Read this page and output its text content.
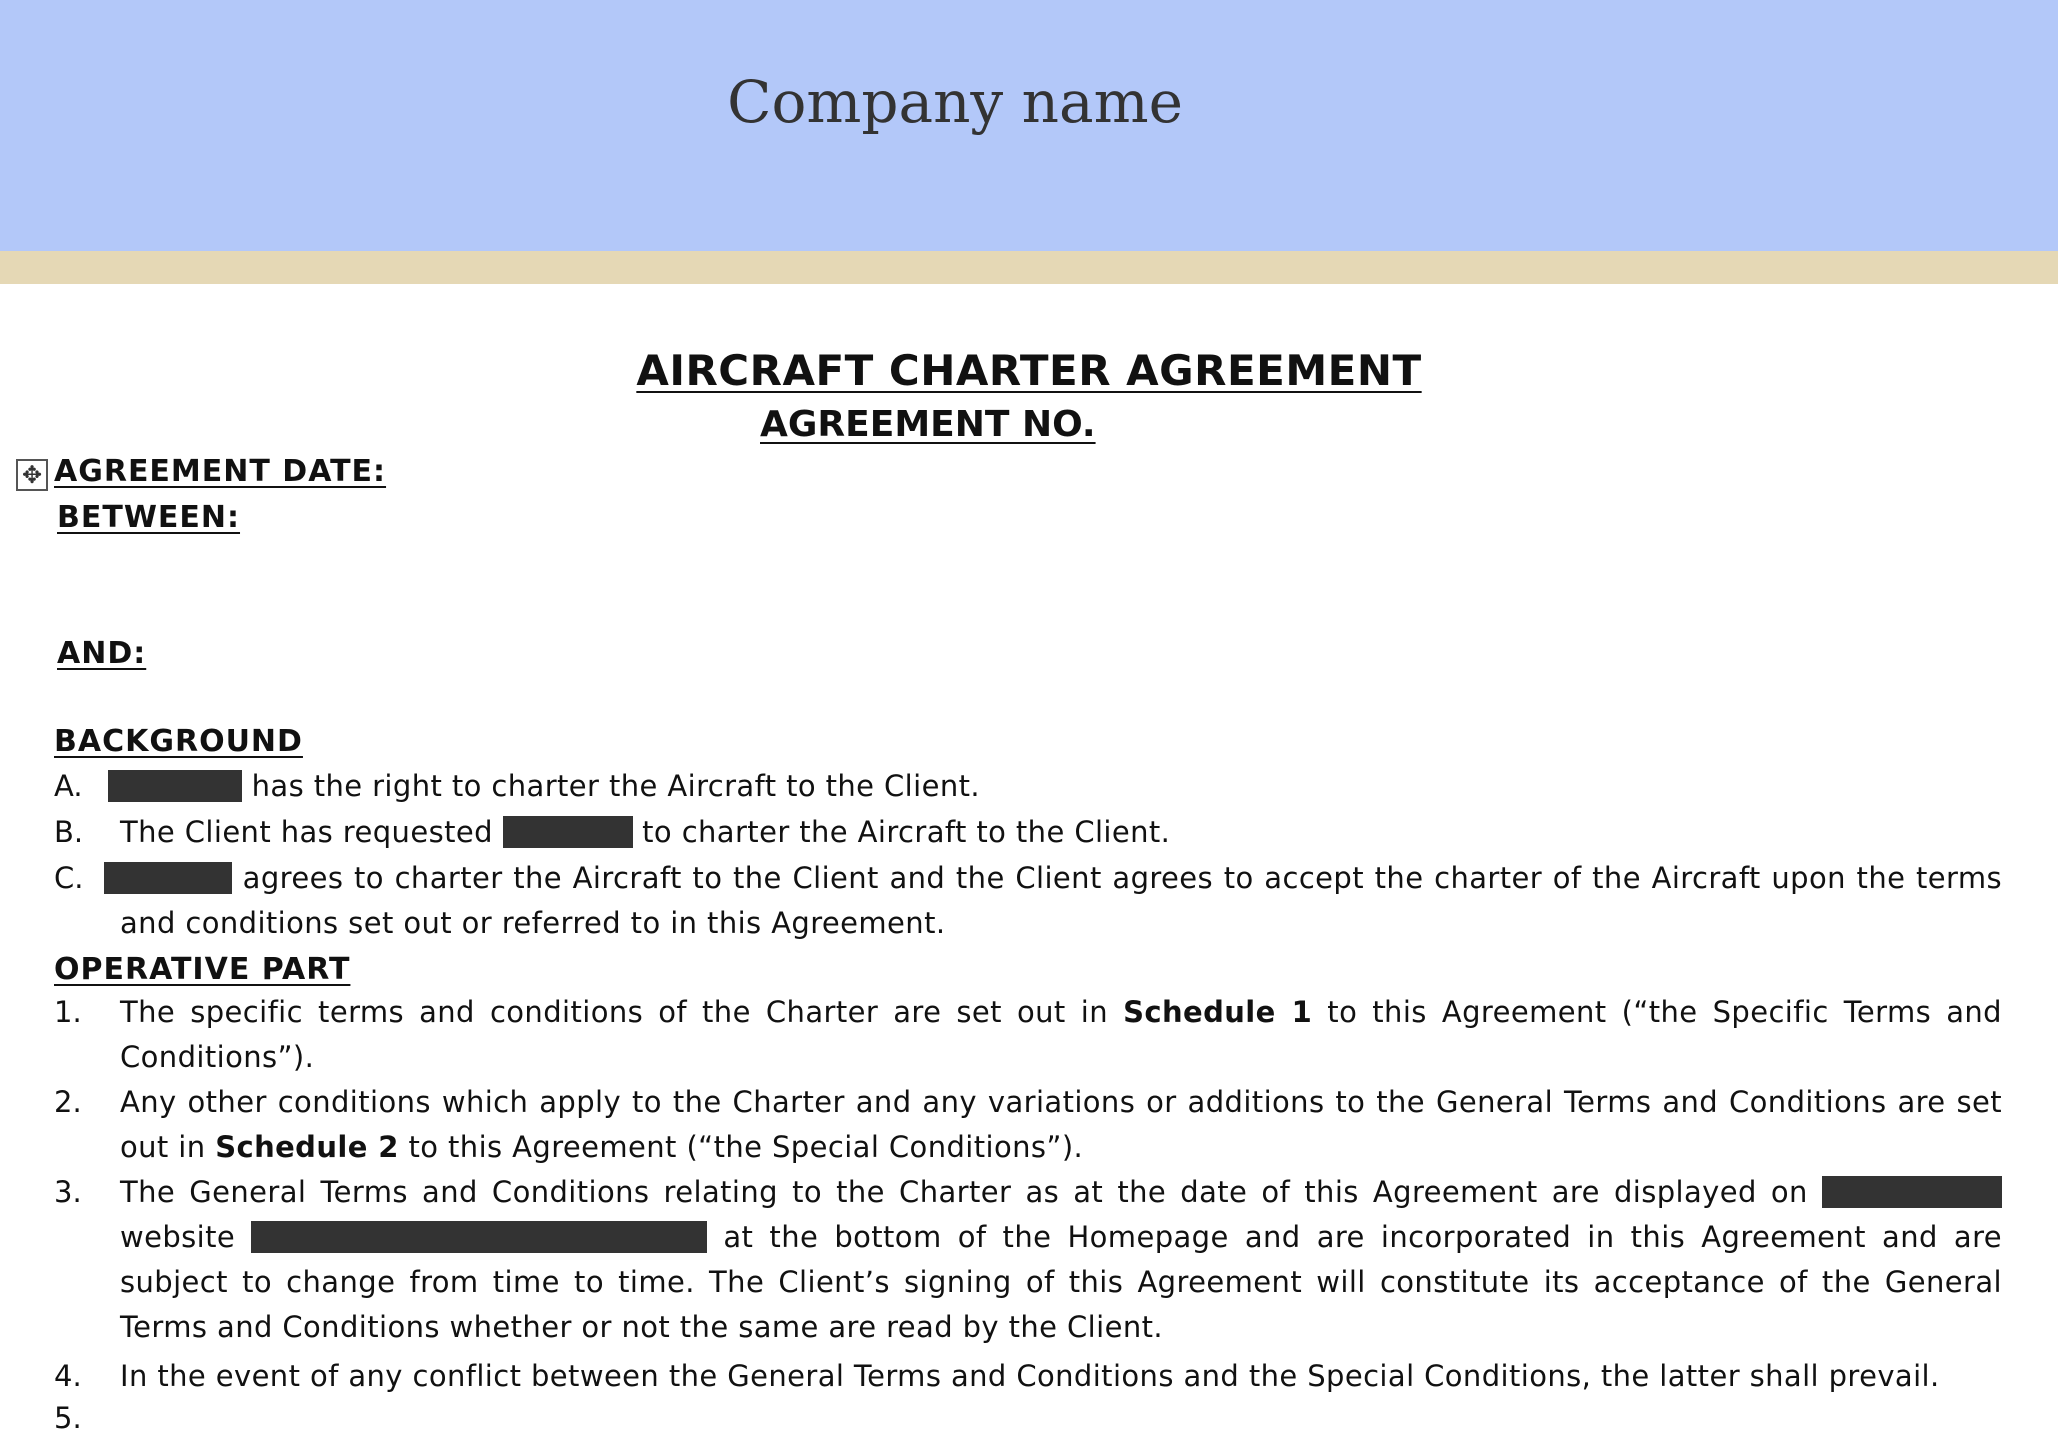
Company name
AIRCRAFT CHARTER AGREEMENT
AGREEMENT NO.
✥ AGREEMENT DATE:
BETWEEN:
AND:
BACKGROUND
A.	has the right to charter the Aircraft to the Client.
B. The Client has requested	to charter the Aircraft to the Client.
C.	agrees to charter the Aircraft to the Client and the Client agrees to accept the charter of the Aircraft upon the terms and conditions set out or referred to in this Agreement.
OPERATIVE PART
1. The specific terms and conditions of the Charter are set out in Schedule 1 to this Agreement (“the Specific Terms and Conditions”).
2. Any other conditions which apply to the Charter and any variations or additions to the General Terms and Conditions are set out in Schedule 2 to this Agreement (“the Special Conditions”).
3. The General Terms and Conditions relating to the Charter as at the date of this Agreement are displayed on  website	at the bottom of the Homepage and are incorporated in this Agreement and are subject to change from time to time. The Client’s signing of this Agreement will constitute its acceptance of the General Terms and Conditions whether or not the same are read by the Client.
4. In the event of any conflict between the General Terms and Conditions and the Special Conditions, the latter shall prevail.
5.
